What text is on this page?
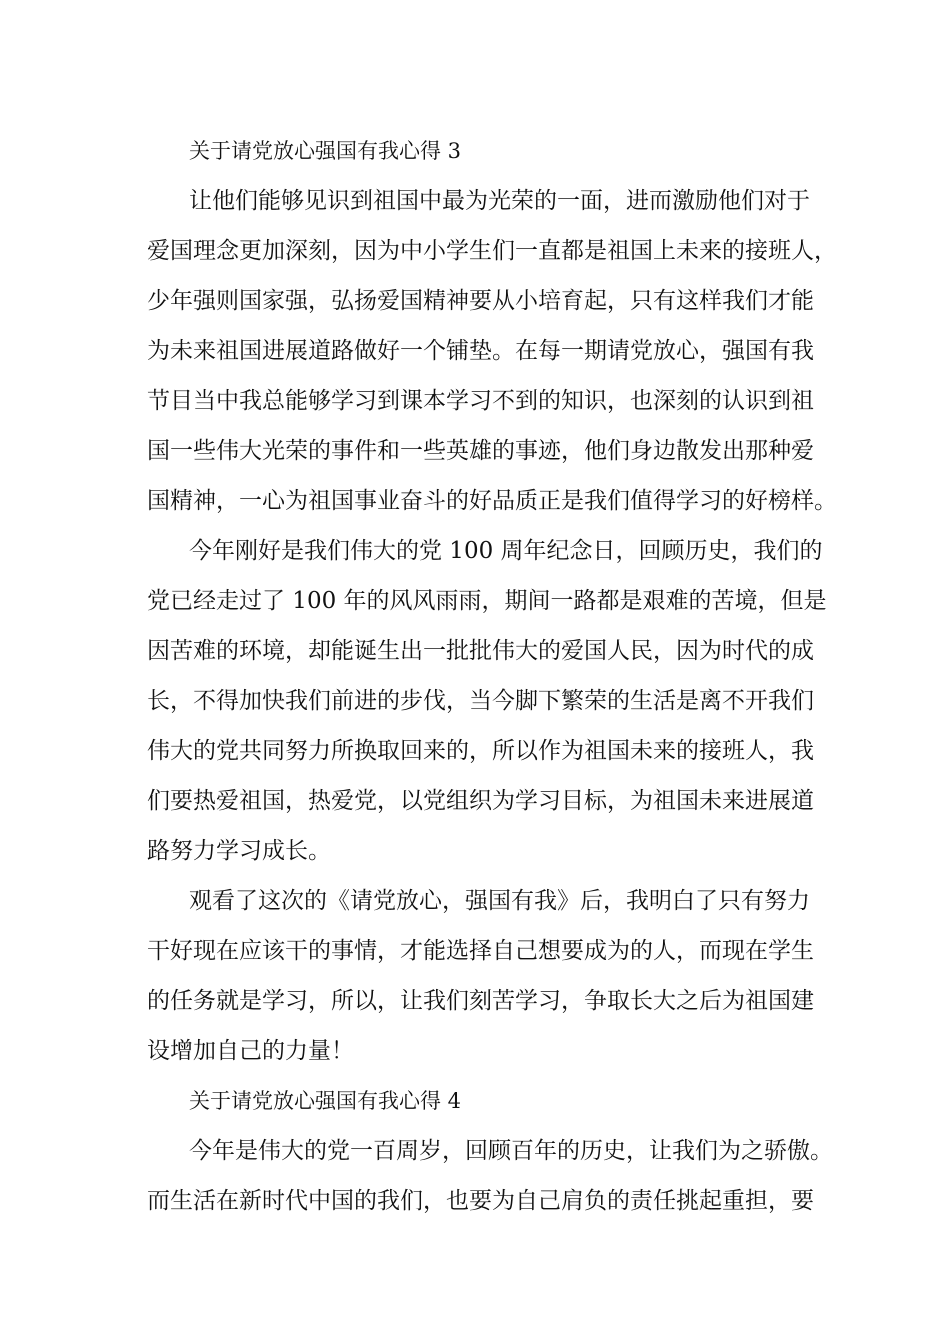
关于请党放心强国有我心得 3

让他们能够见识到祖国中最为光荣的一面，进而激励他们对于
爱国理念更加深刻，因为中小学生们一直都是祖国上未来的接班人，
少年强则国家强，弘扬爱国精神要从小培育起，只有这样我们才能
为未来祖国进展道路做好一个铺垫。在每一期请党放心，强国有我
节目当中我总能够学习到课本学习不到的知识，也深刻的认识到祖
国一些伟大光荣的事件和一些英雄的事迹，他们身边散发出那种爱
国精神，一心为祖国事业奋斗的好品质正是我们值得学习的好榜样。

今年刚好是我们伟大的党 100 周年纪念日，回顾历史，我们的
党已经走过了 100 年的风风雨雨，期间一路都是艰难的苦境，但是
因苦难的环境，却能诞生出一批批伟大的爱国人民，因为时代的成
长，不得加快我们前进的步伐，当今脚下繁荣的生活是离不开我们
伟大的党共同努力所换取回来的，所以作为祖国未来的接班人，我
们要热爱祖国，热爱党，以党组织为学习目标，为祖国未来进展道
路努力学习成长。

观看了这次的《请党放心，强国有我》后，我明白了只有努力
干好现在应该干的事情，才能选择自己想要成为的人，而现在学生
的任务就是学习，所以，让我们刻苦学习，争取长大之后为祖国建
设增加自己的力量！

关于请党放心强国有我心得 4

今年是伟大的党一百周岁，回顾百年的历史，让我们为之骄傲。
而生活在新时代中国的我们，也要为自己肩负的责任挑起重担，要
